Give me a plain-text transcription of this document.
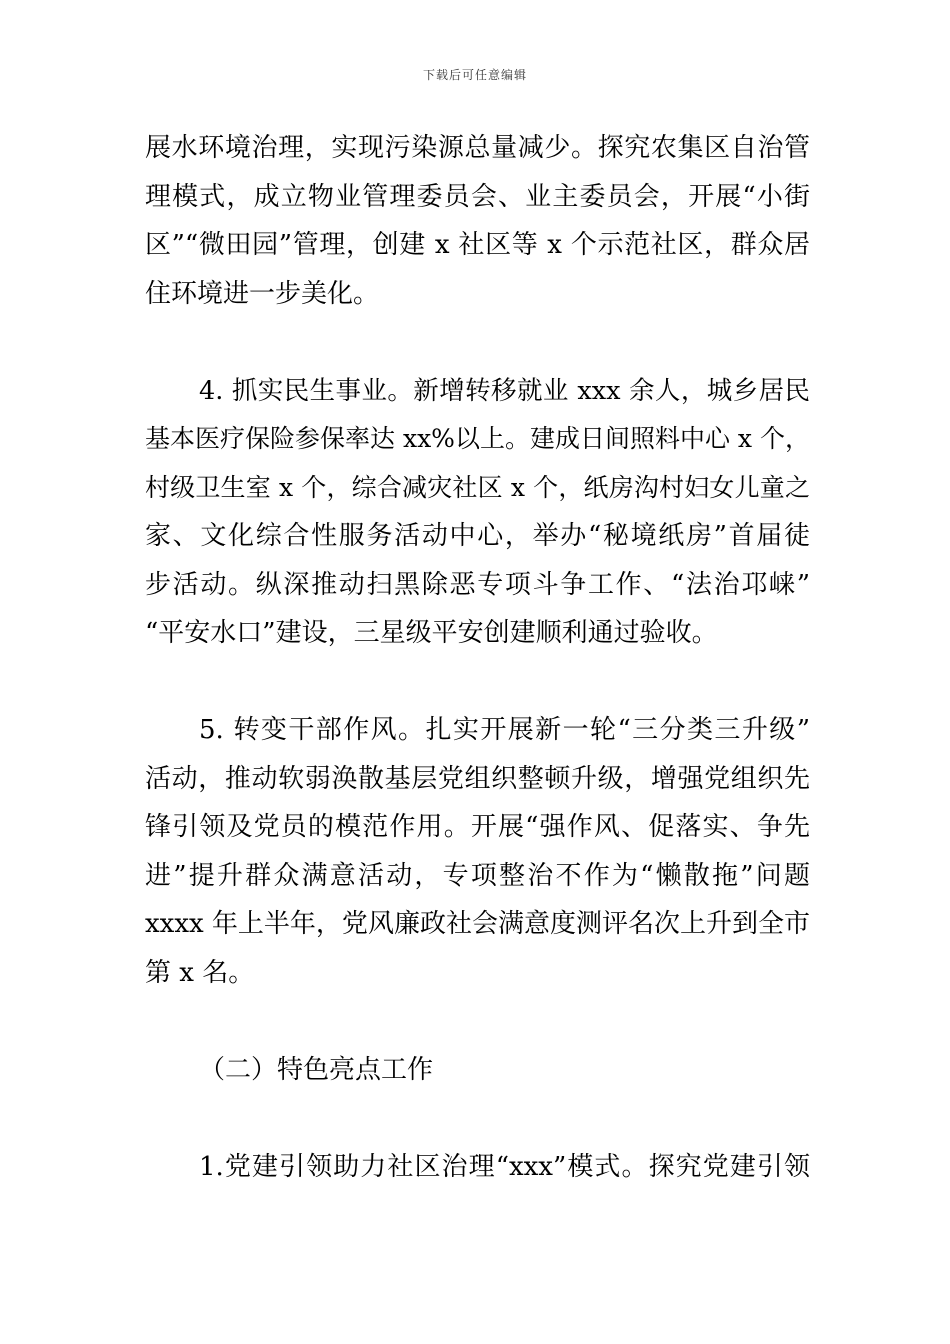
下载后可任意编辑
展水环境治理，实现污染源总量减少。探究农集区自治管
理模式，成立物业管理委员会、业主委员会，开展“小街
区”“微田园”管理，创建 x 社区等 x 个示范社区，群众居
住环境进一步美化。
4. 抓实民生事业。新增转移就业 xxx 余人，城乡居民
基本医疗保险参保率达 xx%以上。建成日间照料中心 x 个，
村级卫生室 x 个，综合减灾社区 x 个，纸房沟村妇女儿童之
家、文化综合性服务活动中心，举办“秘境纸房”首届徒
步活动。纵深推动扫黑除恶专项斗争工作、“法治邛崃”
“平安水口”建设，三星级平安创建顺利通过验收。
5. 转变干部作风。扎实开展新一轮“三分类三升级”
活动，推动软弱涣散基层党组织整顿升级，增强党组织先
锋引领及党员的模范作用。开展“强作风、促落实、争先
进”提升群众满意活动，专项整治不作为“懒散拖”问题
xxxx 年上半年，党风廉政社会满意度测评名次上升到全市
第 x 名。
（二）特色亮点工作
1.党建引领助力社区治理“xxx”模式。探究党建引领
